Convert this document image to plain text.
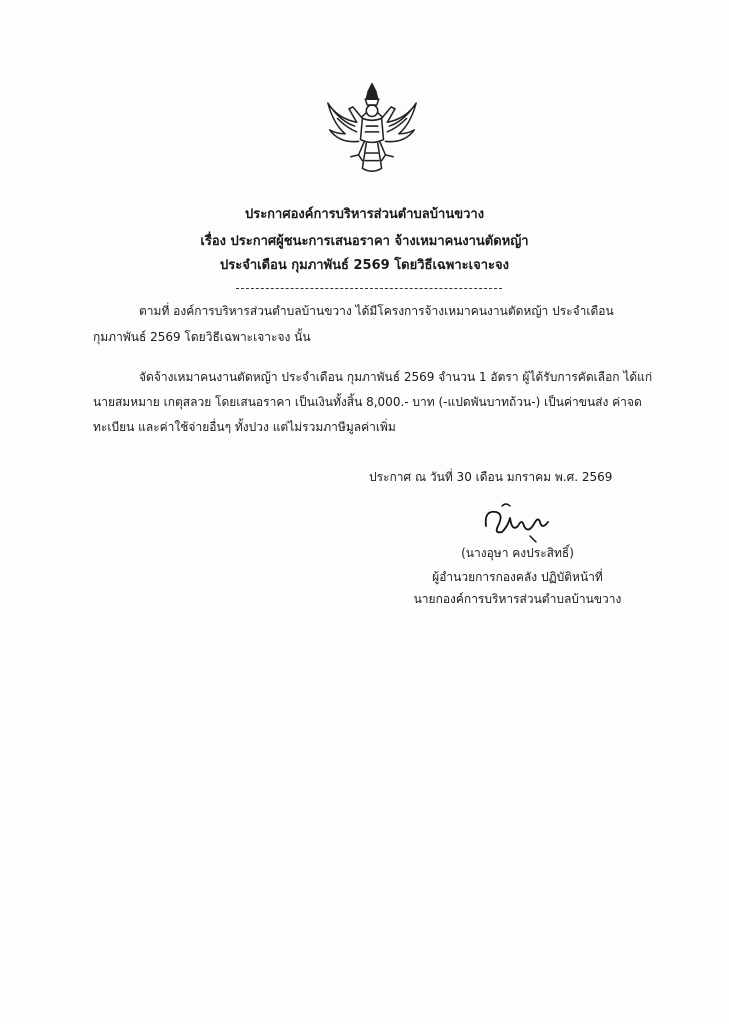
ประกาศองค์การบริหารส่วนตำบลบ้านขวาง
เรื่อง ประกาศผู้ชนะการเสนอราคา จ้างเหมาคนงานตัดหญ้า
ประจำเดือน กุมภาพันธ์ 2569 โดยวิธีเฉพาะเจาะจง
ตามที่ องค์การบริหารส่วนตำบลบ้านขวาง ได้มีโครงการจ้างเหมาคนงานตัดหญ้า ประจำเดือน
กุมภาพันธ์ 2569 โดยวิธีเฉพาะเจาะจง นั้น
จัดจ้างเหมาคนงานตัดหญ้า ประจำเดือน กุมภาพันธ์ 2569 จำนวน 1 อัตรา ผู้ได้รับการคัดเลือก ได้แก่
นายสมหมาย เกตุสลวย โดยเสนอราคา เป็นเงินทั้งสิ้น 8,000.- บาท (-แปดพันบาทถ้วน-) เป็นค่าขนส่ง ค่าจด
ทะเบียน และค่าใช้จ่ายอื่นๆ ทั้งปวง แต่ไม่รวมภาษีมูลค่าเพิ่ม
ประกาศ ณ วันที่ 30 เดือน มกราคม พ.ศ. 2569
(นางอุษา คงประสิทธิ์)
ผู้อำนวยการกองคลัง ปฏิบัติหน้าที่
นายกองค์การบริหารส่วนตำบลบ้านขวาง
